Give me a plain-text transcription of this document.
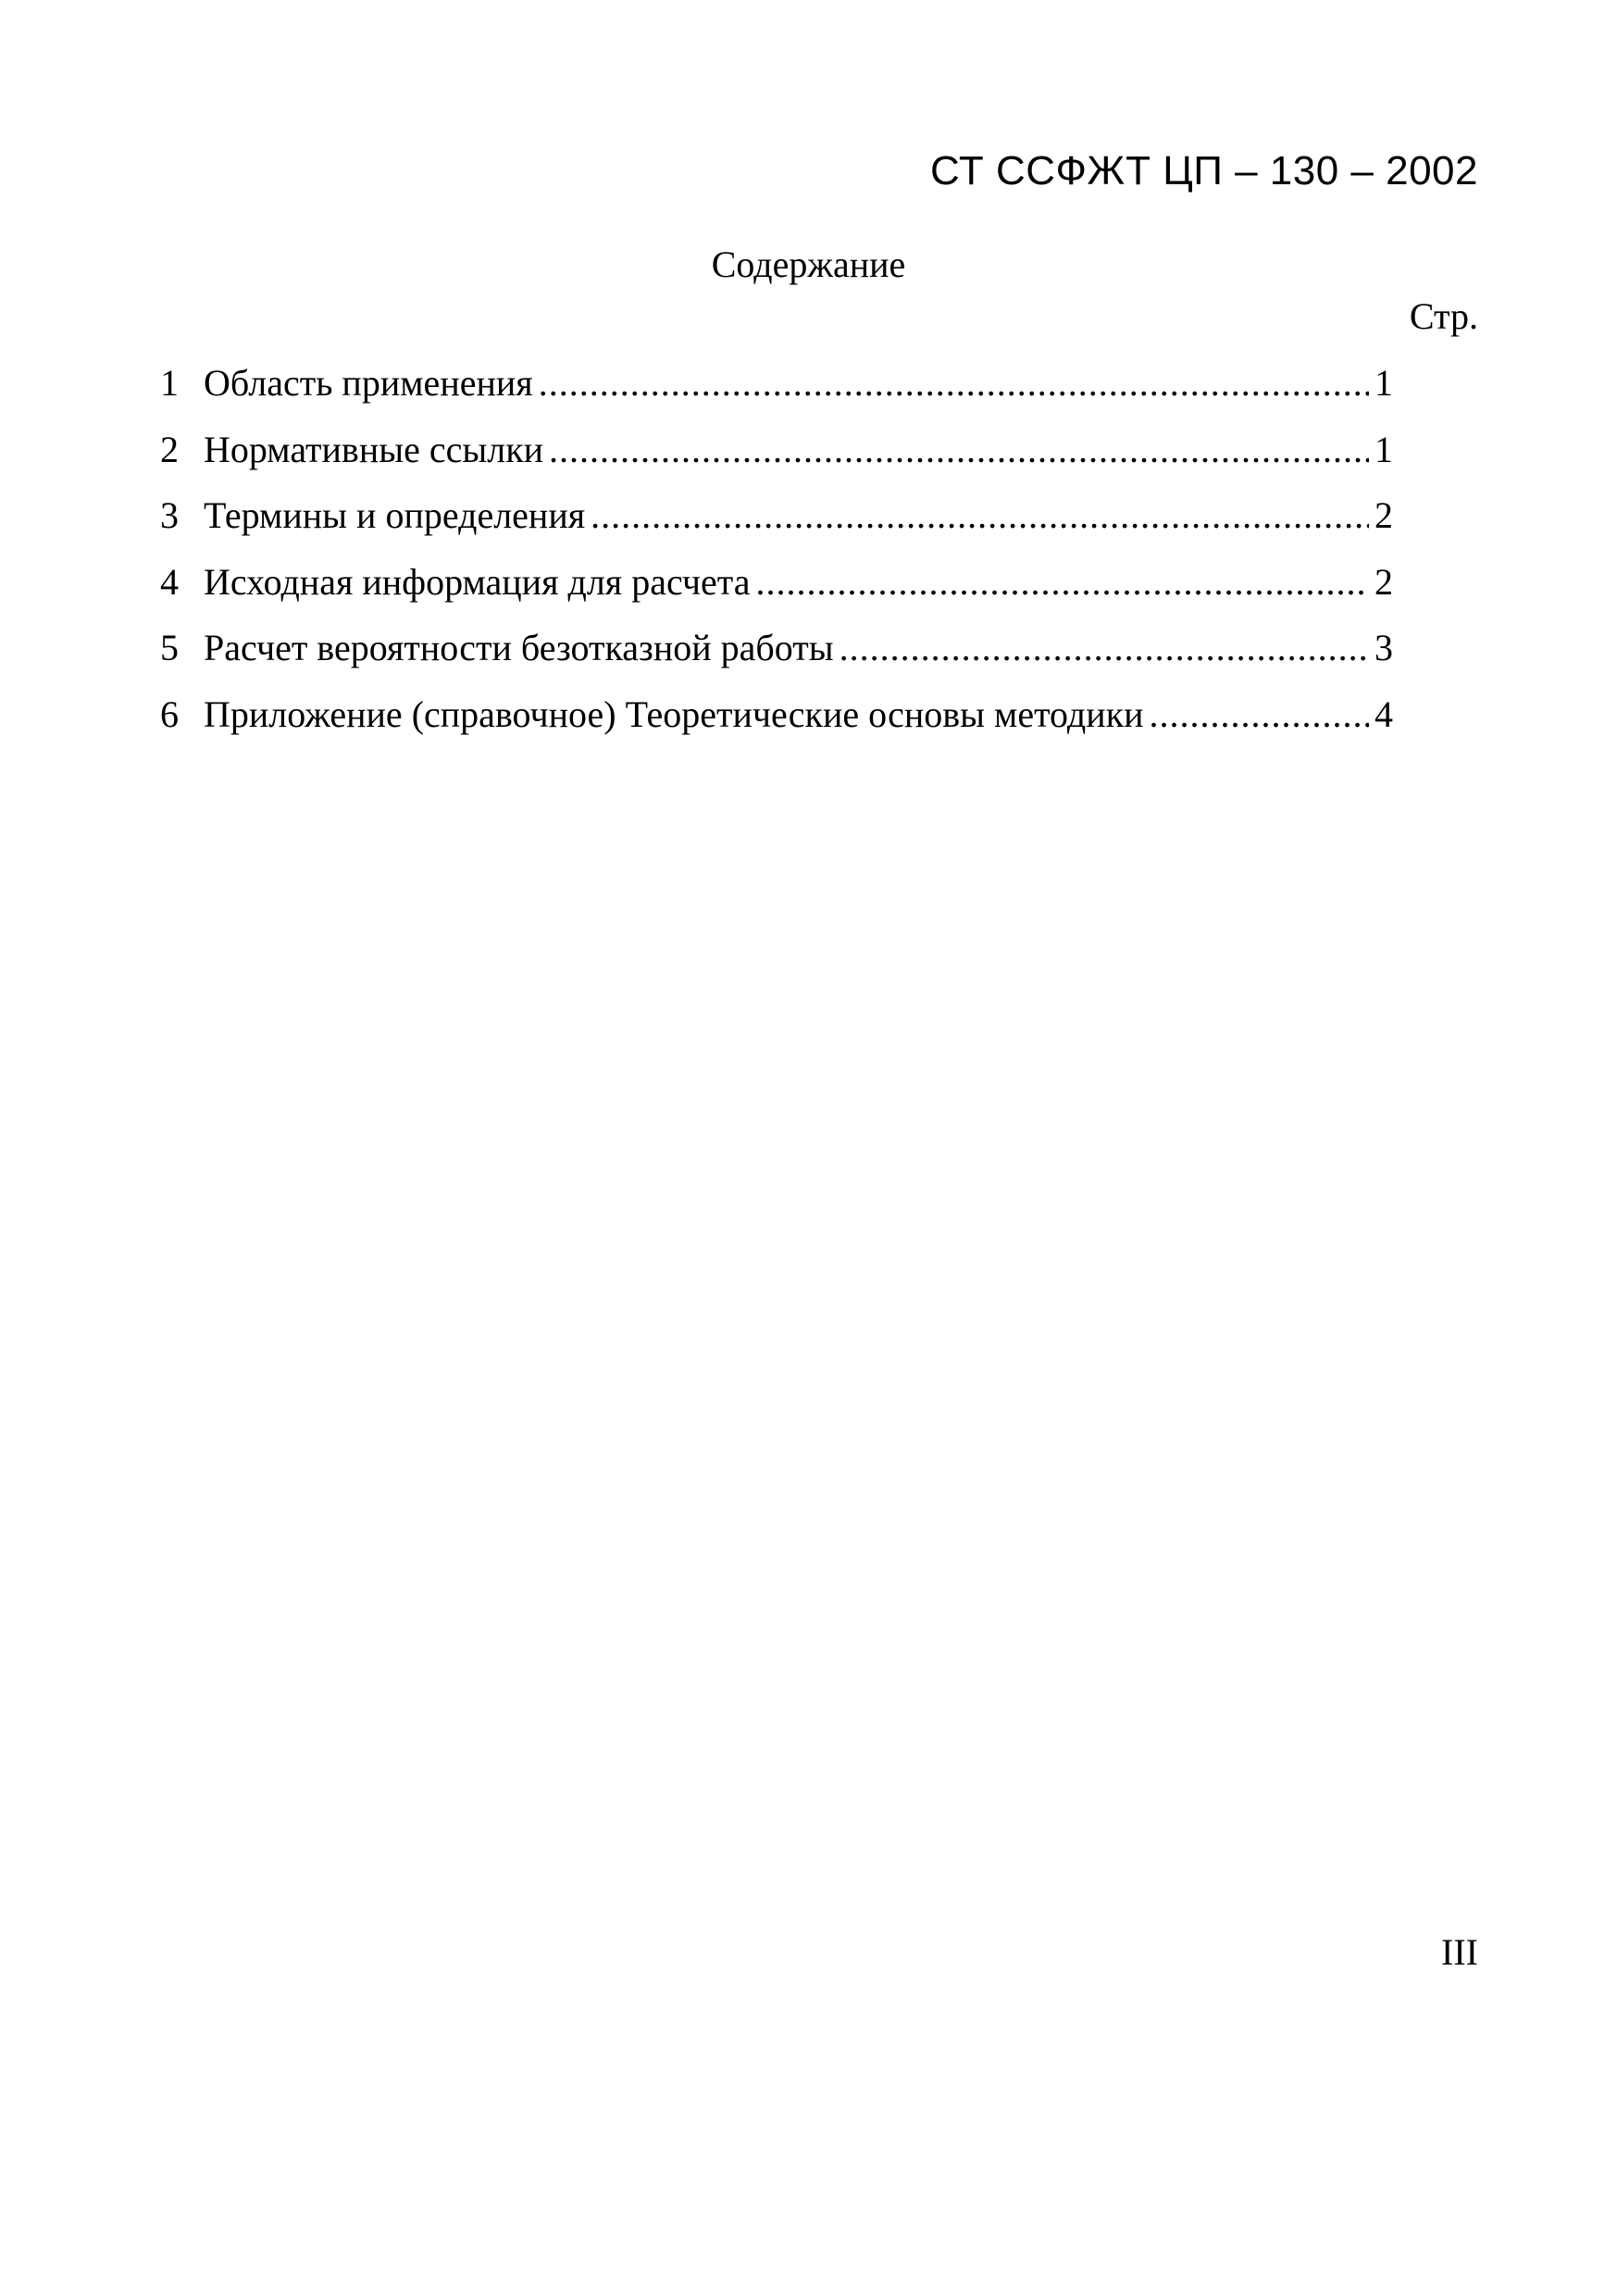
СТ ССФЖТ ЦП – 130 – 2002
Содержание
Стр.
1 Область применения .....	1
2 Нормативные ссылки .....	1
3 Термины и определения .....	2
4 Исходная информация для расчета .....	2
5 Расчет вероятности безотказной работы .....	3
6 Приложение (справочное) Теоретические основы методики .....	4
III
